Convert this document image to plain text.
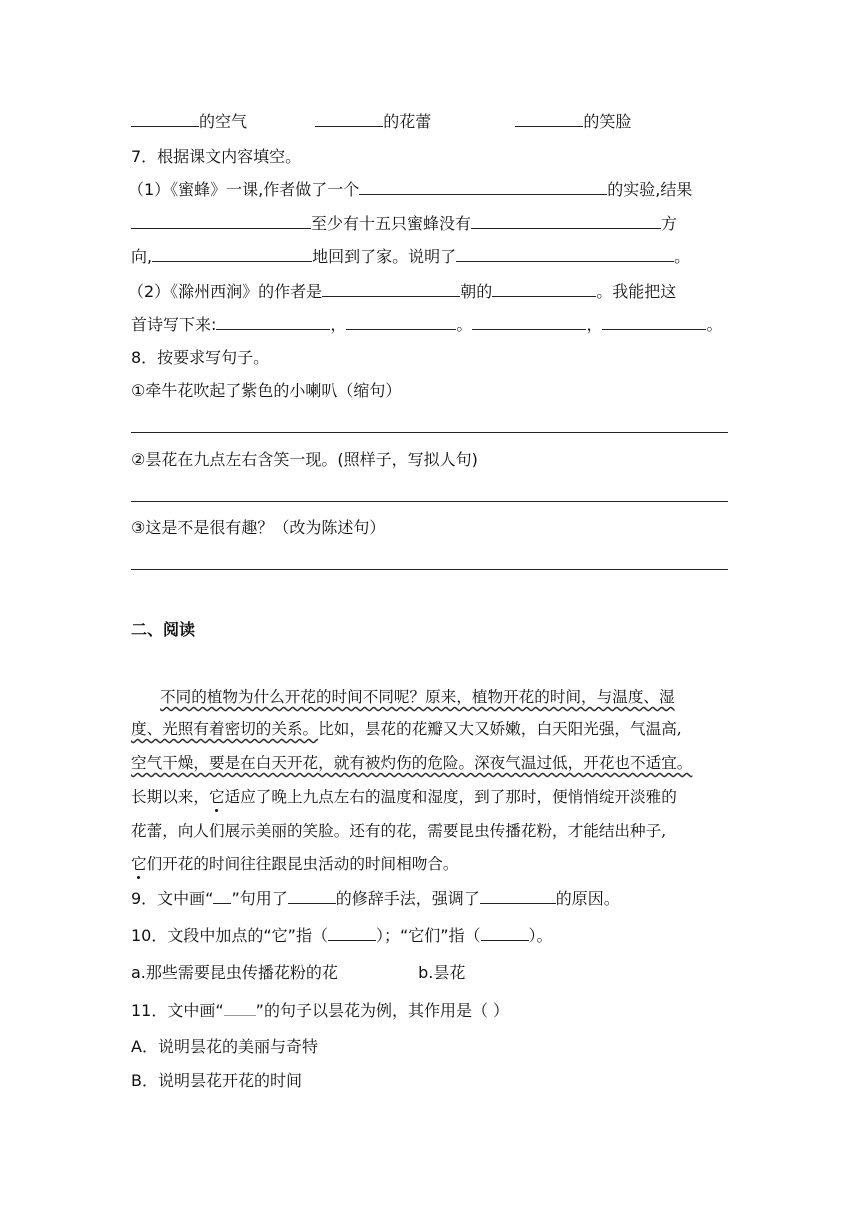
的空气	的花蕾	的笑脸
7．根据课文内容填空。
（1）《蜜蜂》一课,作者做了一个	的实验,结果
至少有十五只蜜蜂没有	方
向,	地回到了家。说明了	。
（2）《滁州西涧》的作者是	朝的	。我能把这
首诗写下来:	，	。	，	。
8．按要求写句子。
①牵牛花吹起了紫色的小喇叭（缩句）
②昙花在九点左右含笑一现。(照样子，写拟人句)
③这是不是很有趣？（改为陈述句）
二、阅读
不同的植物为什么开花的时间不同呢？原来，植物开花的时间，与温度、湿
度、光照有着密切的关系。比如，昙花的花瓣又大又娇嫩，白天阳光强，气温高,
空气干燥，要是在白天开花，就有被灼伤的危险。深夜气温过低，开花也不适宜。
长期以来，它适应了晚上九点左右的温度和湿度，到了那时，便悄悄绽开淡雅的
花蕾，向人们展示美丽的笑脸。还有的花，需要昆虫传播花粉，才能结出种子,
它们开花的时间往往跟昆虫活动的时间相吻合。
9．文中画“ ”句用了	的修辞手法，强调了	的原因。
10．文段中加点的“它”指（	）；“它们”指（	）。
a.那些需要昆虫传播花粉的花	b.昙花
11．文中画“ ”的句子以昙花为例，其作用是（ ）
A．说明昙花的美丽与奇特
B．说明昙花开花的时间
